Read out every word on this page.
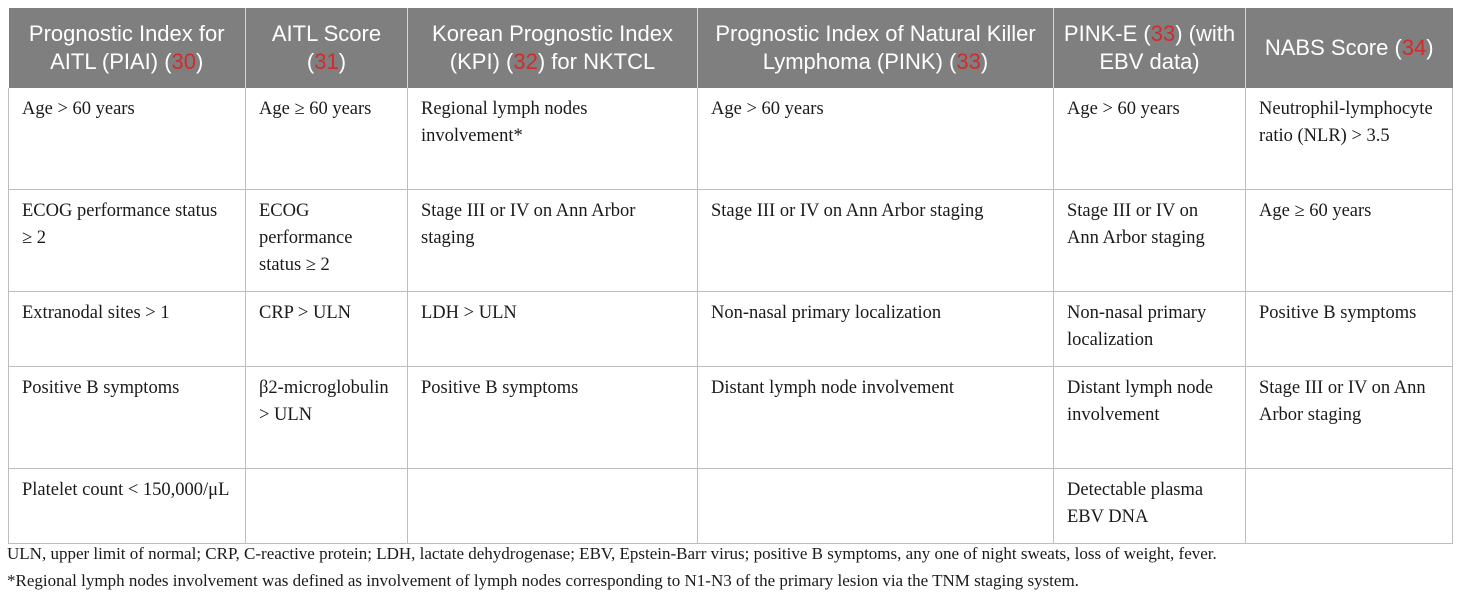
Prognostic Index for AITL (PIAI) (30)	AITL Score (31)	Korean Prognostic Index (KPI) (32) for NKTCL	Prognostic Index of Natural Killer Lymphoma (PINK) (33)	PINK-E (33) (with EBV data)	NABS Score (34)
Age > 60 years	Age ≥ 60 years	Regional lymph nodes involvement*	Age > 60 years	Age > 60 years	Neutrophil-lymphocyte ratio (NLR) > 3.5
ECOG performance status ≥ 2	ECOG performance status ≥ 2	Stage III or IV on Ann Arbor staging	Stage III or IV on Ann Arbor staging	Stage III or IV on Ann Arbor staging	Age ≥ 60 years
Extranodal sites > 1	CRP > ULN	LDH > ULN	Non-nasal primary localization	Non-nasal primary localization	Positive B symptoms
Positive B symptoms	β2-microglobulin > ULN	Positive B symptoms	Distant lymph node involvement	Distant lymph node involvement	Stage III or IV on Ann Arbor staging
Platelet count < 150,000/μL				Detectable plasma EBV DNA	
ULN, upper limit of normal; CRP, C-reactive protein; LDH, lactate dehydrogenase; EBV, Epstein-Barr virus; positive B symptoms, any one of night sweats, loss of weight, fever.
*Regional lymph nodes involvement was defined as involvement of lymph nodes corresponding to N1-N3 of the primary lesion via the TNM staging system.
